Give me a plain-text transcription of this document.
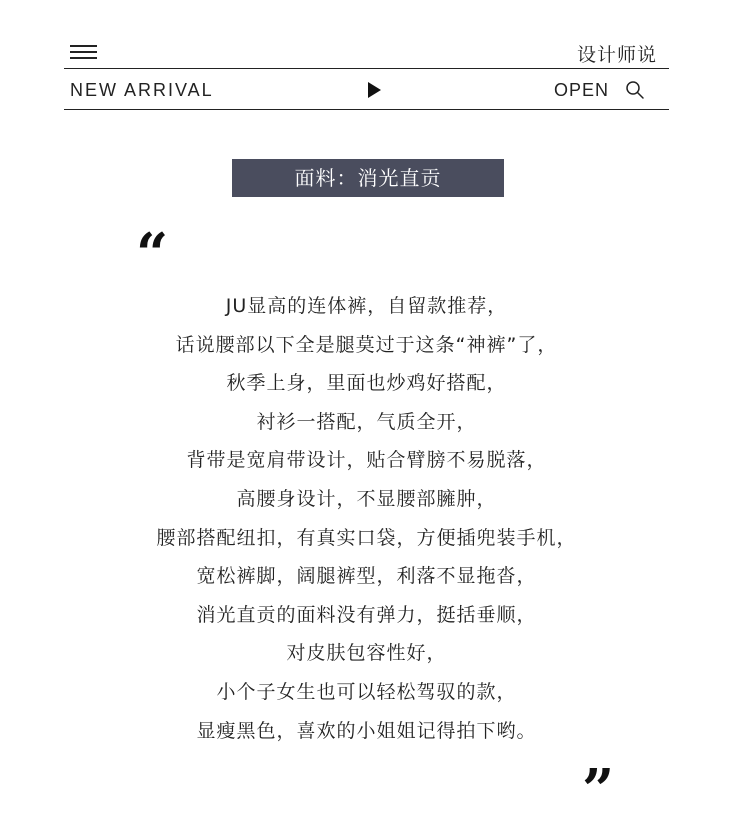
设计师说
NEW ARRIVAL	OPEN
面料：消光直贡
“
JU显高的连体裤，自留款推荐，
话说腰部以下全是腿莫过于这条“神裤”了，
秋季上身，里面也炒鸡好搭配，
衬衫一搭配，气质全开，
背带是宽肩带设计，贴合臂膀不易脱落，
高腰身设计，不显腰部臃肿，
腰部搭配纽扣，有真实口袋，方便插兜装手机，
宽松裤脚，阔腿裤型，利落不显拖沓，
消光直贡的面料没有弹力，挺括垂顺，
对皮肤包容性好，
小个子女生也可以轻松驾驭的款，
显瘦黑色，喜欢的小姐姐记得拍下哟。
”
